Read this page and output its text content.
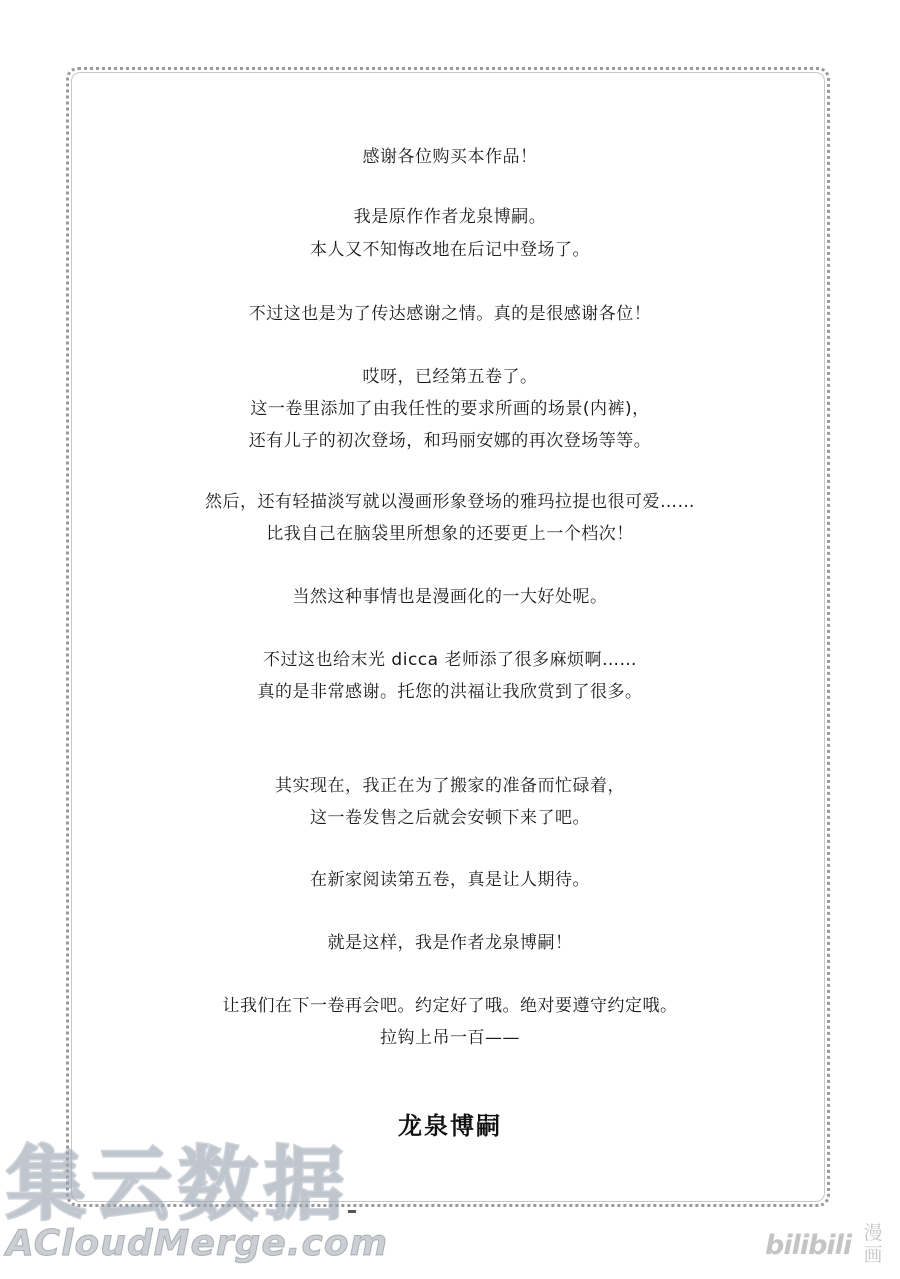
感谢各位购买本作品！
我是原作作者龙泉博嗣。
本人又不知悔改地在后记中登场了。
不过这也是为了传达感谢之情。真的是很感谢各位！
哎呀，已经第五卷了。
这一卷里添加了由我任性的要求所画的场景(内裤)，
还有儿子的初次登场，和玛丽安娜的再次登场等等。
然后，还有轻描淡写就以漫画形象登场的雅玛拉提也很可爱……
比我自己在脑袋里所想象的还要更上一个档次！
当然这种事情也是漫画化的一大好处呢。
不过这也给末光 dicca 老师添了很多麻烦啊……
真的是非常感谢。托您的洪福让我欣赏到了很多。
其实现在，我正在为了搬家的准备而忙碌着，
这一卷发售之后就会安顿下来了吧。
在新家阅读第五卷，真是让人期待。
就是这样，我是作者龙泉博嗣！
让我们在下一卷再会吧。约定好了哦。绝对要遵守约定哦。
拉钩上吊一百——
龙泉博嗣
集云数据
ACloudMerge.com	bilibili 漫
画
